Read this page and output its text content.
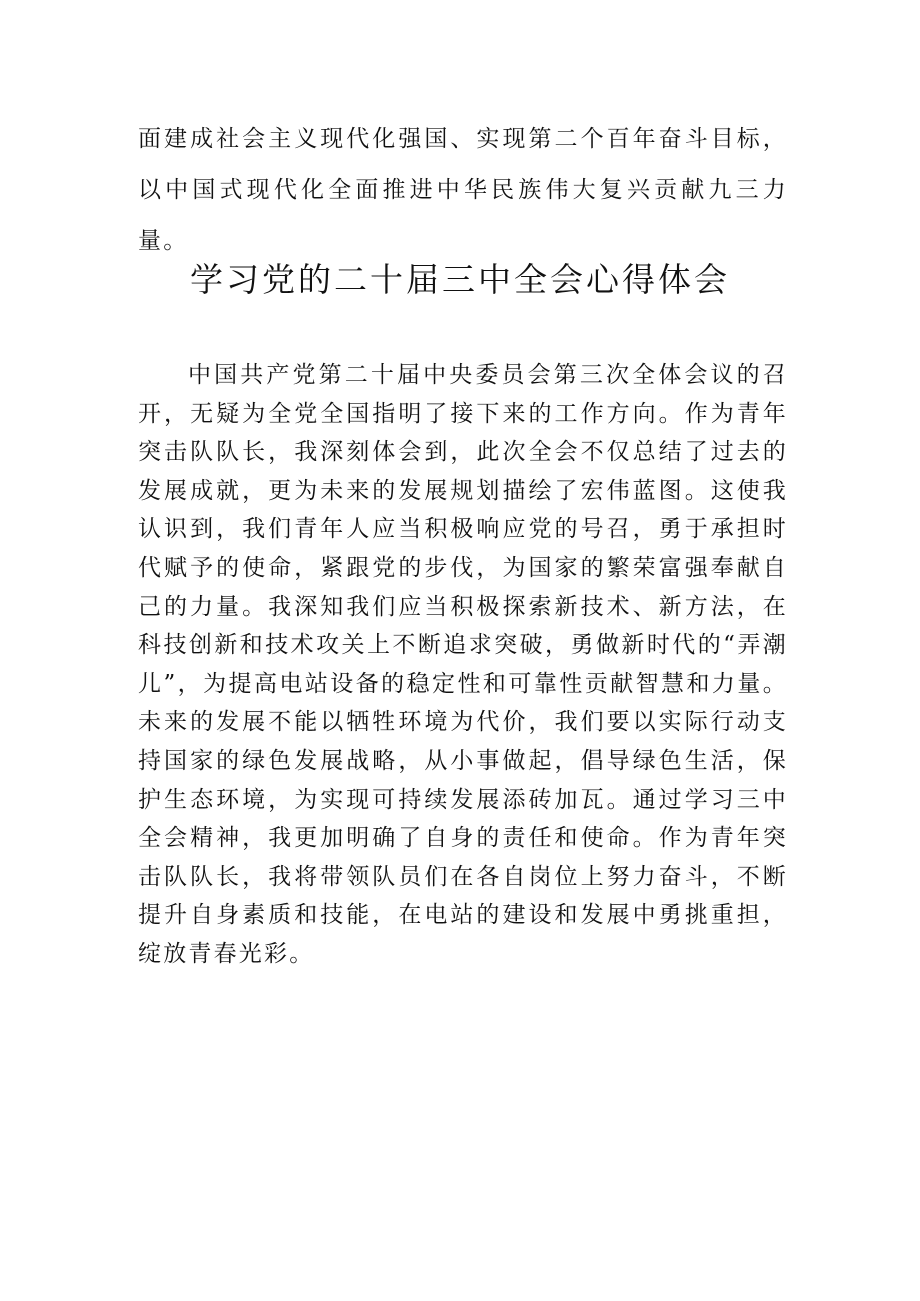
面建成社会主义现代化强国、实现第二个百年奋斗目标，以中国式现代化全面推进中华民族伟大复兴贡献九三力量。

学习党的二十届三中全会心得体会

中国共产党第二十届中央委员会第三次全体会议的召开，无疑为全党全国指明了接下来的工作方向。作为青年突击队队长，我深刻体会到，此次全会不仅总结了过去的发展成就，更为未来的发展规划描绘了宏伟蓝图。这使我认识到，我们青年人应当积极响应党的号召，勇于承担时代赋予的使命，紧跟党的步伐，为国家的繁荣富强奉献自己的力量。我深知我们应当积极探索新技术、新方法，在科技创新和技术攻关上不断追求突破，勇做新时代的“弄潮儿”，为提高电站设备的稳定性和可靠性贡献智慧和力量。未来的发展不能以牺牲环境为代价，我们要以实际行动支持国家的绿色发展战略，从小事做起，倡导绿色生活，保护生态环境，为实现可持续发展添砖加瓦。通过学习三中全会精神，我更加明确了自身的责任和使命。作为青年突击队队长，我将带领队员们在各自岗位上努力奋斗，不断提升自身素质和技能，在电站的建设和发展中勇挑重担，绽放青春光彩。
